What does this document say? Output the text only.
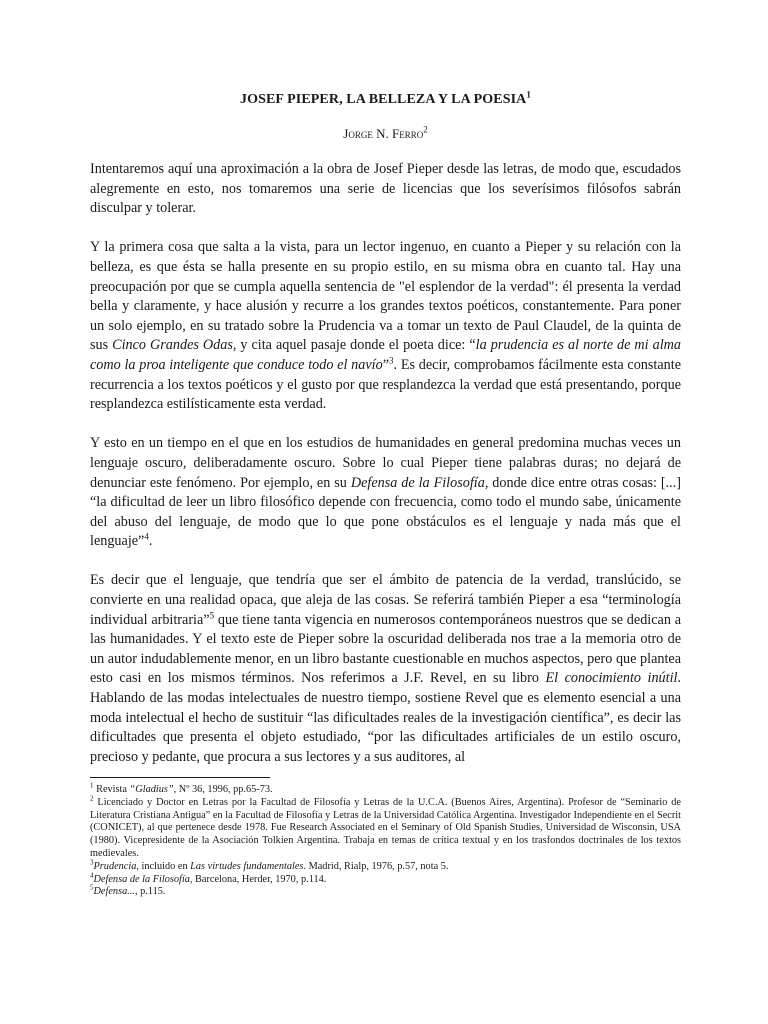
JOSEF PIEPER, LA BELLEZA Y LA POESIA$^1$
Jorge N. Ferro$^2$

Intentaremos aquí una aproximación a la obra de Josef Pieper desde las letras, de modo que, escudados alegremente en esto, nos tomaremos una serie de licencias que los severísimos filósofos sabrán disculpar y tolerar.

Y la primera cosa que salta a la vista, para un lector ingenuo, en cuanto a Pieper y su relación con la belleza, es que ésta se halla presente en su propio estilo, en su misma obra en cuanto tal. Hay una preocupación por que se cumpla aquella sentencia de "el esplendor de la verdad": él presenta la verdad bella y claramente, y hace alusión y recurre a los grandes textos poéticos, constantemente. Para poner un solo ejemplo, en su tratado sobre la Prudencia va a tomar un texto de Paul Claudel, de la quinta de sus Cinco Grandes Odas, y cita aquel pasaje donde el poeta dice: “la prudencia es al norte de mi alma como la proa inteligente que conduce todo el navío”$^3$. Es decir, comprobamos fácilmente esta constante recurrencia a los textos poéticos y el gusto por que resplandezca la verdad que está presentando, porque resplandezca estilísticamente esta verdad.

Y esto en un tiempo en el que en los estudios de humanidades en general predomina muchas veces un lenguaje oscuro, deliberadamente oscuro. Sobre lo cual Pieper tiene palabras duras; no dejará de denunciar este fenómeno. Por ejemplo, en su Defensa de la Filosofía, donde dice entre otras cosas: [...] “la dificultad de leer un libro filosófico depende con frecuencia, como todo el mundo sabe, únicamente del abuso del lenguaje, de modo que lo que pone obstáculos es el lenguaje y nada más que el lenguaje”$^4$.

Es decir que el lenguaje, que tendría que ser el ámbito de patencia de la verdad, translúcido, se convierte en una realidad opaca, que aleja de las cosas. Se referirá también Pieper a esa “terminología individual arbitraria”$^5$ que tiene tanta vigencia en numerosos contemporáneos nuestros que se dedican a las humanidades. Y el texto este de Pieper sobre la oscuridad deliberada nos trae a la memoria otro de un autor indudablemente menor, en un libro bastante cuestionable en muchos aspectos, pero que plantea esto casi en los mismos términos. Nos referimos a J.F. Revel, en su libro El conocimiento inútil. Hablando de las modas intelectuales de nuestro tiempo, sostiene Revel que es elemento esencial a una moda intelectual el hecho de sustituir “las dificultades reales de la investigación científica”, es decir las dificultades que presenta el objeto estudiado, “por las dificultades artificiales de un estilo oscuro, precioso y pedante, que procura a sus lectores y a sus auditores, al

$^1$ Revista “Gladius”, Nº 36, 1996, pp.65-73.
$^2$ Licenciado y Doctor en Letras por la Facultad de Filosofía y Letras de la U.C.A. (Buenos Aires, Argentina). Profesor de “Seminario de Literatura Cristiana Antigua” en la Facultad de Filosofía y Letras de la Universidad Católica Argentina. Investigador Independiente en el Secrit (CONICET), al que pertenece desde 1978. Fue Research Associated en el Seminary of Old Spanish Studies, Universidad de Wisconsin, USA (1980). Vicepresidente de la Asociación Tolkien Argentina. Trabaja en temas de crítica textual y en los trasfondos doctrinales de los textos medievales.
$^3$Prudencia, incluido en Las virtudes fundamentales. Madrid, Rialp, 1976, p.57, nota 5.
$^4$Defensa de la Filosofía, Barcelona, Herder, 1970, p.114.
$^5$Defensa..., p.115.
